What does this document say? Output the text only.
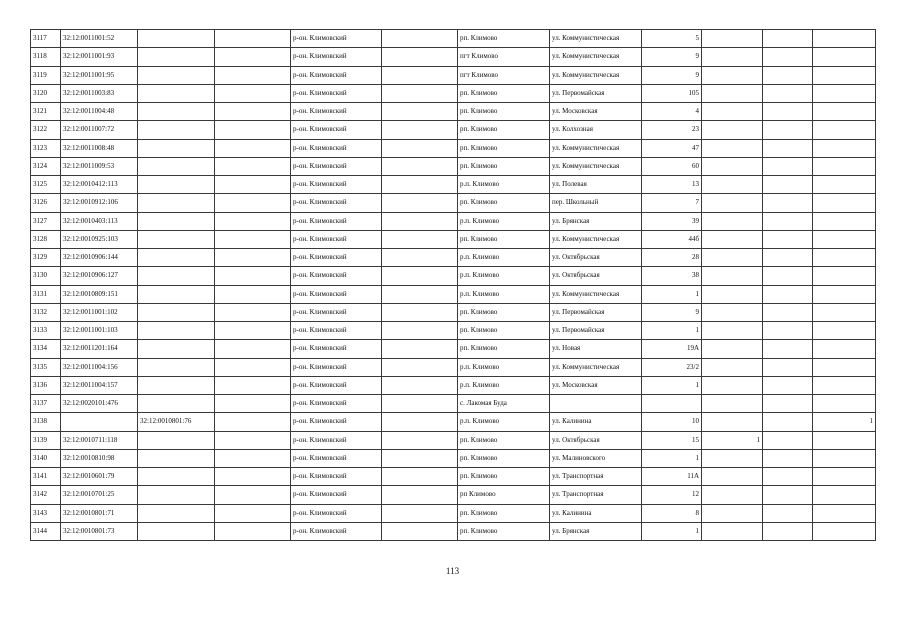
3117	32:12:0011001:52			р-он. Климовский		рп. Климово	ул. Коммунистическая	5			
3118	32:12:0011001:93			р-он. Климовский		пгт Климово	ул. Коммунистическая	9			
3119	32:12:0011001:95			р-он. Климовский		пгт Климово	ул. Коммунистическая	9			
3120	32:12:0011003:83			р-он. Климовский		рп. Климово	ул. Первомайская	105			
3121	32:12:0011004:48			р-он. Климовский		рп. Климово	ул. Московская	4			
3122	32:12:0011007:72			р-он. Климовский		рп. Климово	ул. Колхозная	23			
3123	32:12:0011008:48			р-он. Климовский		рп. Климово	ул. Коммунистическая	47			
3124	32:12:0011009:53			р-он. Климовский		рп. Климово	ул. Коммунистическая	60			
3125	32:12:0010412:113			р-он. Климовский		р.п. Климово	ул. Полевая	13			
3126	32:12:0010912:106			р-он. Климовский		рп. Климово	пер. Школьный	7			
3127	32:12:0010403:113			р-он. Климовский		р.п. Климово	ул. Брянская	39			
3128	32:12:0010925:103			р-он. Климовский		рп. Климово	ул. Коммунистическая	44б			
3129	32:12:0010906:144			р-он. Климовский		р.п. Климово	ул. Октябрьская	28			
3130	32:12:0010906:127			р-он. Климовский		р.п. Климово	ул. Октябрьская	38			
3131	32:12:0010809:151			р-он. Климовский		р.п. Климово	ул. Коммунистическая	1			
3132	32:12:0011001:102			р-он. Климовский		рп. Климово	ул. Первомайская	9			
3133	32:12:0011001:103			р-он. Климовский		рп. Климово	ул. Первомайская	1			
3134	32:12:0011201:164			р-он. Климовский		рп. Климово	ул. Новая	19А			
3135	32:12:0011004:156			р-он. Климовский		р.п. Климово	ул. Коммунистическая	23/2			
3136	32:12:0011004:157			р-он. Климовский		р.п. Климово	ул. Московская	1			
3137	32:12:0020101:476			р-он. Климовский		с. Лакомая Буда					
3138		32:12:0010801:76		р-он. Климовский		р.п. Климово	ул. Калинина	10			1
3139	32:12:0010711:118			р-он. Климовский		рп. Климово	ул. Октябрьская	15	1		
3140	32:12:0010810:98			р-он. Климовский		рп. Климово	ул. Малиновского	1			
3141	32:12:0010601:79			р-он. Климовский		рп. Климово	ул. Транспортная	11А			
3142	32:12:0010701:25			р-он. Климовский		рп Климово	ул. Транспортная	12			
3143	32:12:0010801:71			р-он. Климовский		рп. Климово	ул. Калинина	8			
3144	32:12:0010801:73			р-он. Климовский		рп. Климово	ул. Брянская	1			
113
